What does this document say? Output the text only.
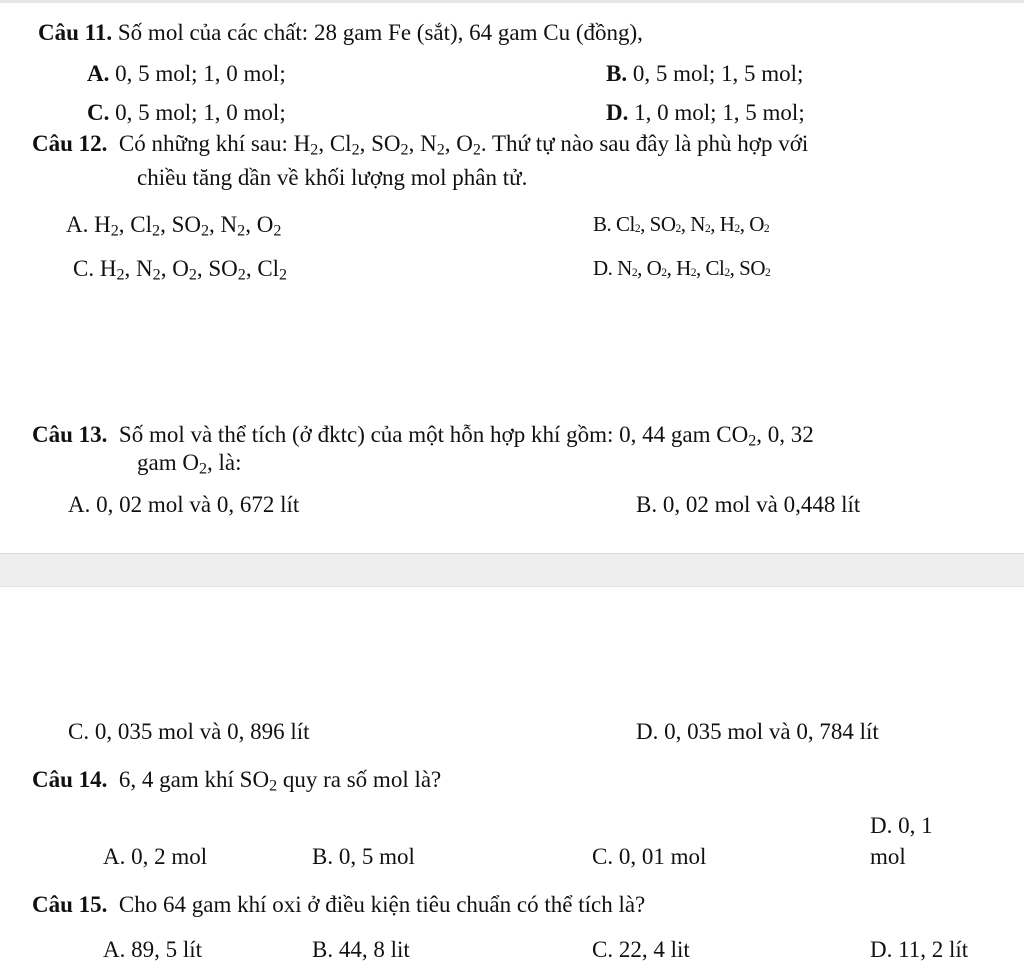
Câu 11. Số mol của các chất: 28 gam Fe (sắt), 64 gam Cu (đồng),
A. 0, 5 mol; 1, 0 mol;	B. 0, 5 mol; 1, 5 mol;
C. 0, 5 mol; 1, 0 mol;	D. 1, 0 mol; 1, 5 mol;
Câu 12. Có những khí sau: $H_2$, $Cl_2$, $SO_2$, $N_2$, $O_2$. Thứ tự nào sau đây là phù hợp với
chiều tăng dần về khối lượng mol phân tử.
A. $H_2$, $Cl_2$, $SO_2$, $N_2$, $O_2$	B. $Cl_2$, $SO_2$, $N_2$, $H_2$, $O_2$
C. $H_2$, $N_2$, $O_2$, $SO_2$, $Cl_2$	D. $N_2$, $O_2$, $H_2$, $Cl_2$, $SO_2$
Câu 13. Số mol và thể tích (ở đktc) của một hỗn hợp khí gồm: 0, 44 gam $CO_2$, 0, 32
gam $O_2$, là:
A. 0, 02 mol và 0, 672 lít	B. 0, 02 mol và 0,448 lít
C. 0, 035 mol và 0, 896 lít	D. 0, 035 mol và 0, 784 lít
Câu 14. 6, 4 gam khí $SO_2$ quy ra số mol là?
A. 0, 2 mol	B. 0, 5 mol	C. 0, 01 mol
D. 0, 1
mol
Câu 15. Cho 64 gam khí oxi ở điều kiện tiêu chuẩn có thể tích là?
A. 89, 5 lít	B. 44, 8 lit	C. 22, 4 lit	D. 11, 2 lít
